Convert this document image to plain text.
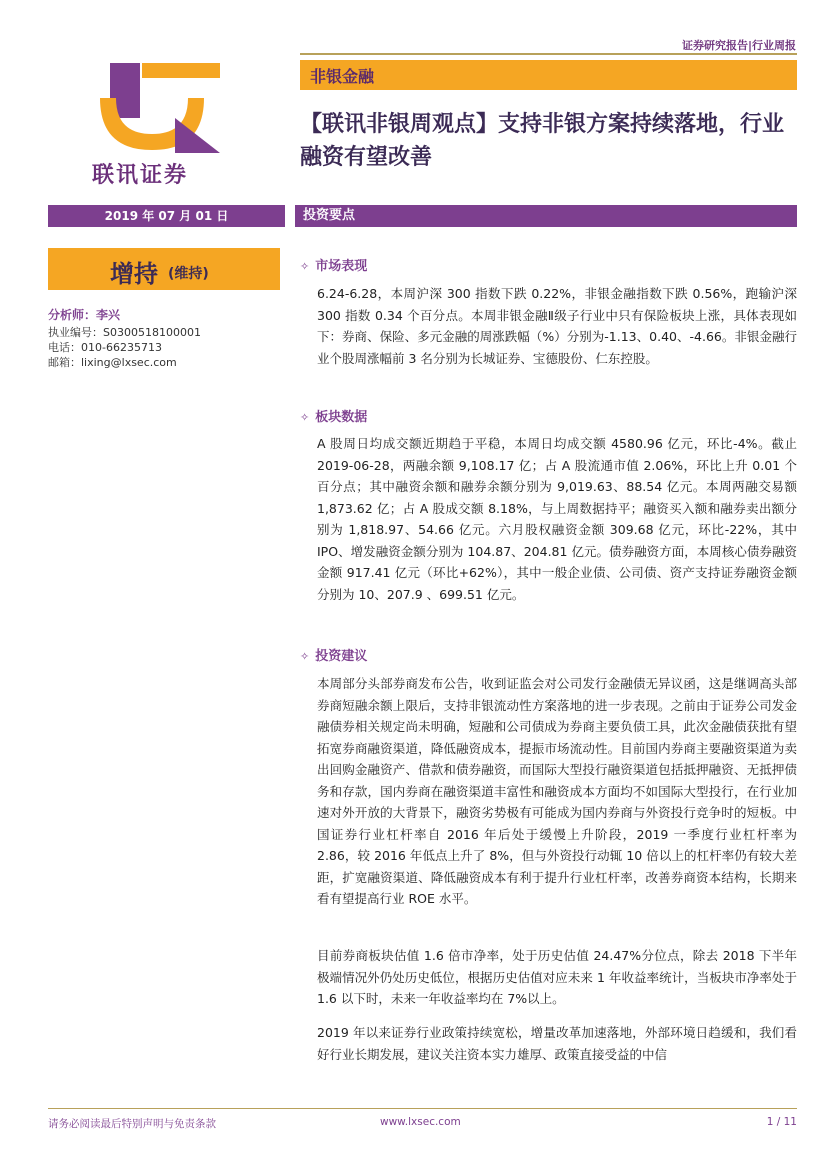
证券研究报告|行业周报
联讯证券
非银金融
【联讯非银周观点】支持非银方案持续落地，行业融资有望改善
2019 年 07 月 01 日	投资要点
增持 (维持)
分析师：李兴
执业编号：S0300518100001
电话：010-66235713
邮箱：lixing@lxsec.com
✧ 市场表现
6.24-6.28，本周沪深 300 指数下跌 0.22%，非银金融指数下跌 0.56%，跑输沪深 300 指数 0.34 个百分点。本周非银金融Ⅱ级子行业中只有保险板块上涨，具体表现如下：券商、保险、多元金融的周涨跌幅（%）分别为-1.13、0.40、-4.66。非银金融行业个股周涨幅前 3 名分别为长城证券、宝德股份、仁东控股。
✧ 板块数据
A 股周日均成交额近期趋于平稳，本周日均成交额 4580.96 亿元，环比-4%。截止 2019-06-28，两融余额 9,108.17 亿；占 A 股流通市值 2.06%，环比上升 0.01 个百分点；其中融资余额和融券余额分别为 9,019.63、88.54 亿元。本周两融交易额 1,873.62 亿；占 A 股成交额 8.18%，与上周数据持平；融资买入额和融券卖出额分别为 1,818.97、54.66 亿元。六月股权融资金额 309.68 亿元，环比-22%，其中 IPO、增发融资金额分别为 104.87、204.81 亿元。债券融资方面，本周核心债券融资金额 917.41 亿元（环比+62%），其中一般企业债、公司债、资产支持证券融资金额分别为 10、207.9 、699.51 亿元。
✧ 投资建议
本周部分头部券商发布公告，收到证监会对公司发行金融债无异议函，这是继调高头部券商短融余额上限后，支持非银流动性方案落地的进一步表现。之前由于证券公司发金融债券相关规定尚未明确，短融和公司债成为券商主要负债工具，此次金融债获批有望拓宽券商融资渠道，降低融资成本，提振市场流动性。目前国内券商主要融资渠道为卖出回购金融资产、借款和债券融资，而国际大型投行融资渠道包括抵押融资、无抵押债务和存款，国内券商在融资渠道丰富性和融资成本方面均不如国际大型投行，在行业加速对外开放的大背景下，融资劣势极有可能成为国内券商与外资投行竞争时的短板。中国证券行业杠杆率自 2016 年后处于缓慢上升阶段，2019 一季度行业杠杆率为 2.86，较 2016 年低点上升了 8%，但与外资投行动辄 10 倍以上的杠杆率仍有较大差距，扩宽融资渠道、降低融资成本有利于提升行业杠杆率，改善券商资本结构，长期来看有望提高行业 ROE 水平。
目前券商板块估值 1.6 倍市净率，处于历史估值 24.47%分位点，除去 2018 下半年极端情况外仍处历史低位，根据历史估值对应未来 1 年收益率统计，当板块市净率处于 1.6 以下时，未来一年收益率均在 7%以上。
2019 年以来证券行业政策持续宽松，增量改革加速落地，外部环境日趋缓和，我们看好行业长期发展，建议关注资本实力雄厚、政策直接受益的中信
请务必阅读最后特别声明与免责条款	www.lxsec.com	1 / 11
